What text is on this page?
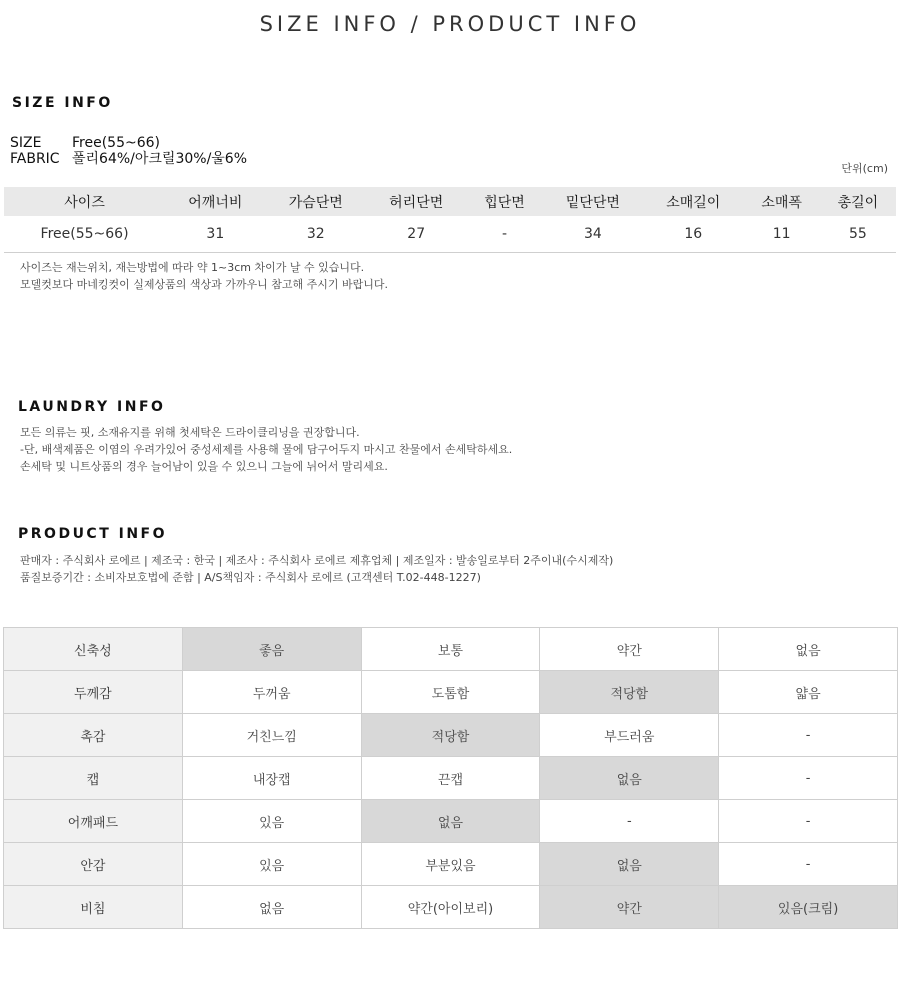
SIZE INFO / PRODUCT INFO
SIZE INFO
SIZE Free(55~66)
FABRIC 폴리64%/아크릴30%/울6%
단위(cm)
사이즈	어깨너비	가슴단면	허리단면	힙단면	밑단단면	소매길이	소매폭	총길이
Free(55~66)	31	32	27	-	34	16	11	55
사이즈는 재는위치, 재는방법에 따라 약 1~3cm 차이가 날 수 있습니다.
모델컷보다 마네킹컷이 실제상품의 색상과 가까우니 참고해 주시기 바랍니다.
LAUNDRY INFO
모든 의류는 핏, 소재유지를 위해 첫세탁은 드라이클리닝을 권장합니다.
-단, 배색제품은 이염의 우려가있어 중성세제를 사용해 물에 담구어두지 마시고 찬물에서 손세탁하세요.
손세탁 및 니트상품의 경우 늘어남이 있을 수 있으니 그늘에 뉘어서 말리세요.
PRODUCT INFO
판매자 : 주식회사 로에르 | 제조국 : 한국 | 제조사 : 주식회사 로에르 제휴업체 | 제조일자 : 발송일로부터 2주이내(수시제작)
품질보증기간 : 소비자보호법에 준함 | A/S책임자 : 주식회사 로에르 (고객센터 T.02-448-1227)
신축성	좋음	보통	약간	없음
두께감	두꺼움	도톰함	적당함	얇음
촉감	거친느낌	적당함	부드러움	-
캡	내장캡	끈캡	없음	-
어깨패드	있음	없음	-	-
안감	있음	부분있음	없음	-
비침	없음	약간(아이보리)	약간	있음(크림)
